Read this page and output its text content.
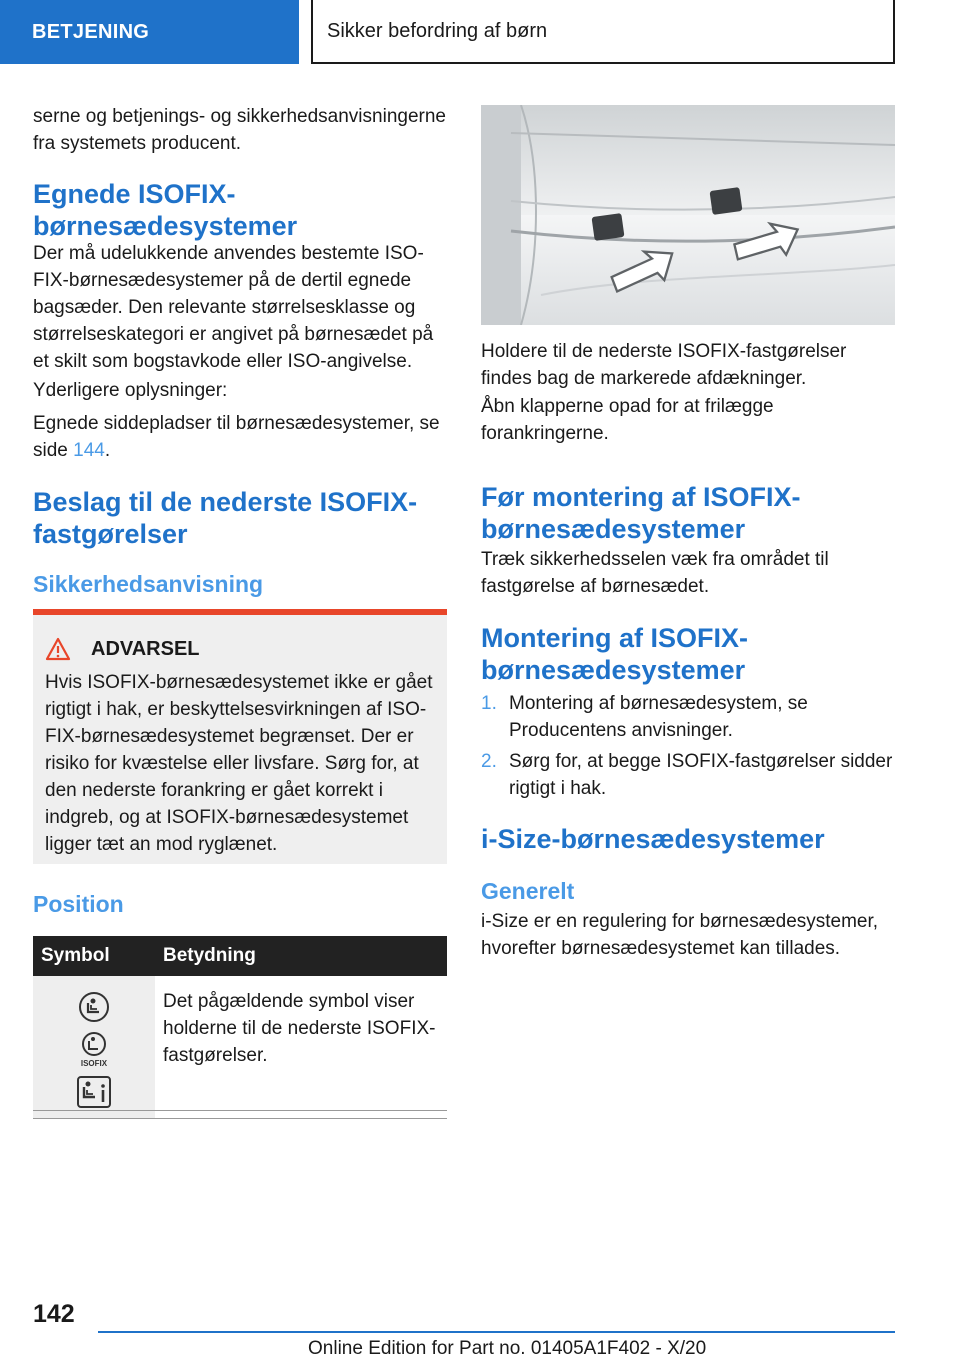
BETJENING	Sikker befordring af børn

serne og betjenings- og sikkerhedsanvisningerne fra systemets producent.

Egnede ISOFIX-
børnesædesystemer

Der må udelukkende anvendes bestemte ISO-FIX-børnesædesystemer på de dertil egnede bagsæder. Den relevante størrelsesklasse og størrelseskategori er angivet på børnesædet på et skilt som bogstavkode eller ISO-angivelse.

Yderligere oplysninger:

Egnede siddepladser til børnesædesystemer, se side 144.

Beslag til de nederste ISOFIX-
fastgørelser
Sikkerhedsanvisning
ADVARSEL

Hvis ISOFIX-børnesædesystemet ikke er gået rigtigt i hak, er beskyttelsesvirkningen af ISO-FIX-børnesædesystemet begrænset. Der er risiko for kvæstelse eller livsfare. Sørg for, at den nederste forankring er gået korrekt i indgreb, og at ISOFIX-børnesædesystemet ligger tæt an mod ryglænet.

Position
Symbol	Betydning

ISOFIX	Det pågældende symbol viser holderne til de nederste ISOFIX-fastgørelser.

Holdere til de nederste ISOFIX-fastgørelser findes bag de markerede afdækninger.

Åbn klapperne opad for at frilægge forankringerne.

Før montering af ISOFIX-
børnesædesystemer

Træk sikkerhedsselen væk fra området til fastgørelse af børnesædet.

Montering af ISOFIX-
børnesædesystemer
1. Montering af børnesædesystem, se Producentens anvisninger.
2. Sørg for, at begge ISOFIX-fastgørelser sidder rigtigt i hak.
i-Size-børnesædesystemer
Generelt

i-Size er en regulering for børnesædesystemer, hvorefter børnesædesystemet kan tillades.

142
Online Edition for Part no. 01405A1F402 - X/20
